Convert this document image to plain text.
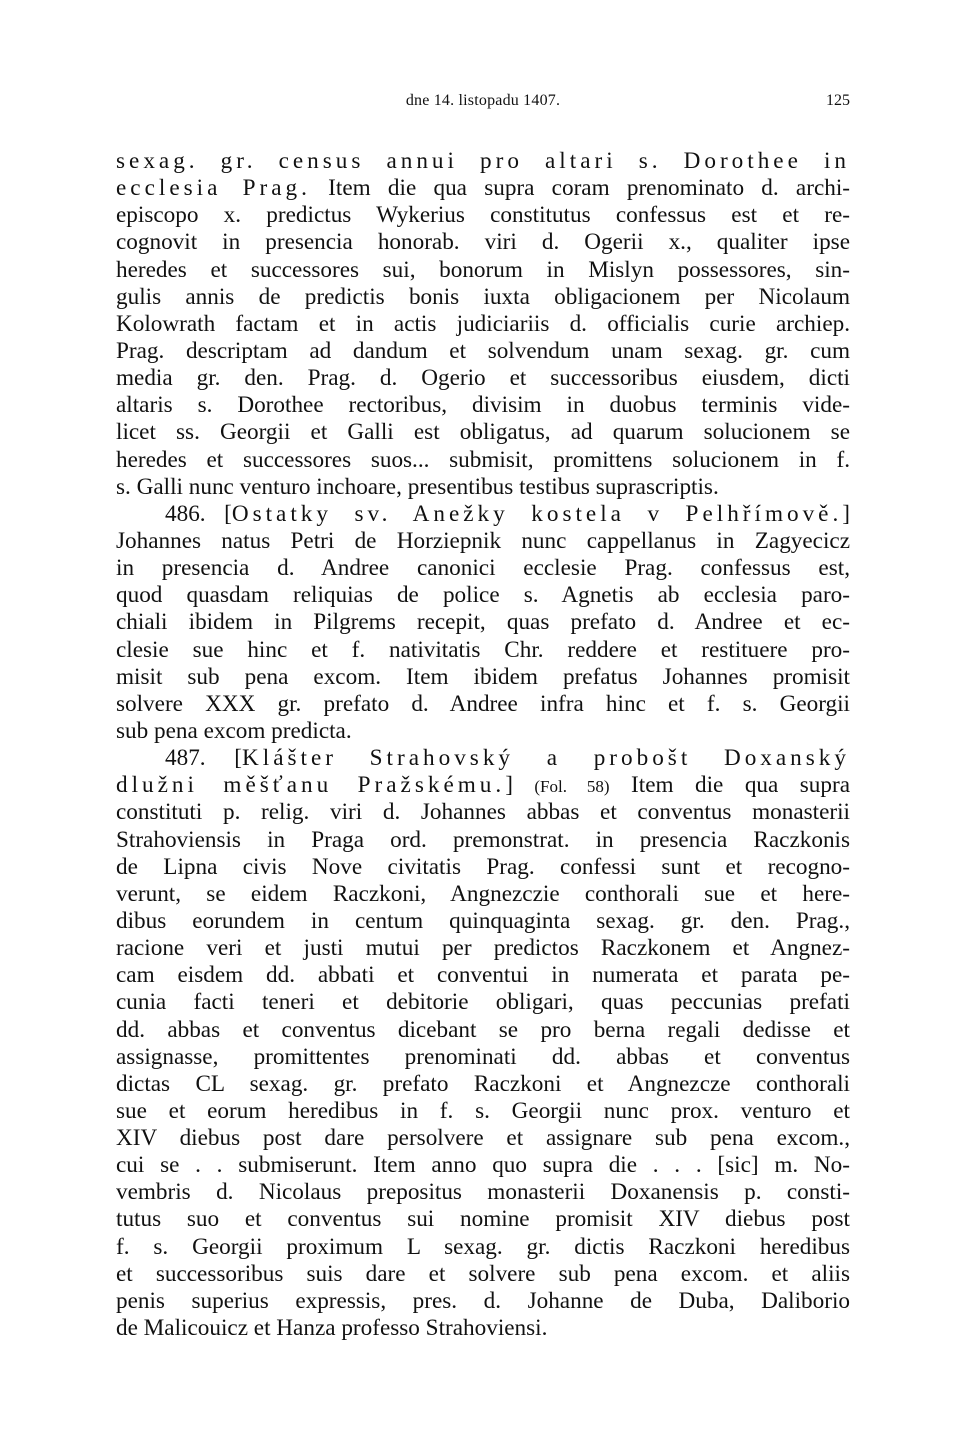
dne 14. listopadu 1407.	125
sexag. gr. census annui pro altari s. Dorothee in
ecclesia Prag. Item die qua supra coram prenominato d. archi-
episcopo x. predictus Wykerius constitutus confessus est et re-
cognovit in presencia honorab. viri d. Ogerii x., qualiter ipse
heredes et successores sui, bonorum in Mislyn possessores, sin-
gulis annis de predictis bonis iuxta obligacionem per Nicolaum
Kolowrath factam et in actis judiciariis d. officialis curie archiep.
Prag. descriptam ad dandum et solvendum unam sexag. gr. cum
media gr. den. Prag. d. Ogerio et successoribus eiusdem, dicti
altaris s. Dorothee rectoribus, divisim in duobus terminis vide-
licet ss. Georgii et Galli est obligatus, ad quarum solucionem se
heredes et successores suos... submisit, promittens solucionem in f.
s. Galli nunc venturo inchoare, presentibus testibus suprascriptis.
486. [Ostatky sv. Anežky kostela v Pelhřímově.]
Johannes natus Petri de Horziepnik nunc cappellanus in Zagyecicz
in presencia d. Andree canonici ecclesie Prag. confessus est,
quod quasdam reliquias de police s. Agnetis ab ecclesia paro-
chiali ibidem in Pilgrems recepit, quas prefato d. Andree et ec-
clesie sue hinc et f. nativitatis Chr. reddere et restituere pro-
misit sub pena excom. Item ibidem prefatus Johannes promisit
solvere XXX gr. prefato d. Andree infra hinc et f. s. Georgii
sub pena excom predicta.
487. [Klášter Strahovský a probošt Doxanský
dlužni měšťanu Pražskému.] (Fol. 58) Item die qua supra
constituti p. relig. viri d. Johannes abbas et conventus monasterii
Strahoviensis in Praga ord. premonstrat. in presencia Raczkonis
de Lipna civis Nove civitatis Prag. confessi sunt et recogno-
verunt, se eidem Raczkoni, Angnezczie conthorali sue et here-
dibus eorundem in centum quinquaginta sexag. gr. den. Prag.,
racione veri et justi mutui per predictos Raczkonem et Angnez-
cam eisdem dd. abbati et conventui in numerata et parata pe-
cunia facti teneri et debitorie obligari, quas peccunias prefati
dd. abbas et conventus dicebant se pro berna regali dedisse et
assignasse, promittentes prenominati dd. abbas et conventus
dictas CL sexag. gr. prefato Raczkoni et Angnezcze conthorali
sue et eorum heredibus in f. s. Georgii nunc prox. venturo et
XIV diebus post dare persolvere et assignare sub pena excom.,
cui se . . submiserunt. Item anno quo supra die . . . [sic] m. No-
vembris d. Nicolaus prepositus monasterii Doxanensis p. consti-
tutus suo et conventus sui nomine promisit XIV diebus post
f. s. Georgii proximum L sexag. gr. dictis Raczkoni heredibus
et successoribus suis dare et solvere sub pena excom. et aliis
penis superius expressis, pres. d. Johanne de Duba, Daliborio
de Malicouicz et Hanza professo Strahoviensi.
